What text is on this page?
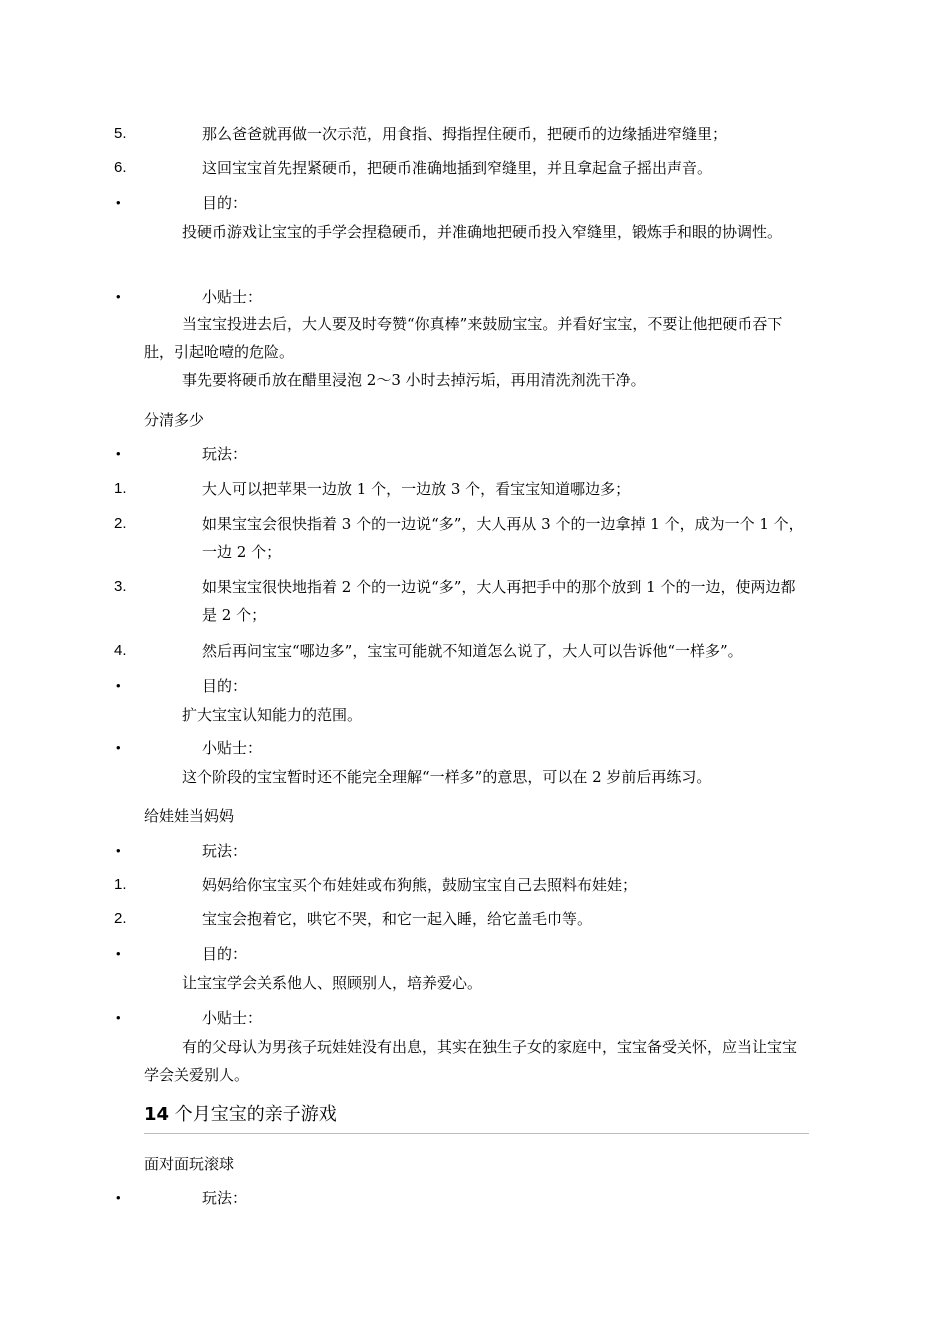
5.	那么爸爸就再做一次示范，用食指、拇指捏住硬币，把硬币的边缘插进窄缝里；
6.	这回宝宝首先捏紧硬币，把硬币准确地插到窄缝里，并且拿起盒子摇出声音。
•	目的：
投硬币游戏让宝宝的手学会捏稳硬币，并准确地把硬币投入窄缝里，锻炼手和眼的协调性。
•	小贴士：
当宝宝投进去后，大人要及时夸赞“你真棒”来鼓励宝宝。并看好宝宝，不要让他把硬币吞下肚，引起呛噎的危险。
事先要将硬币放在醋里浸泡 2～3 小时去掉污垢，再用清洗剂洗干净。
分清多少
•	玩法：
1.	大人可以把苹果一边放 1 个，一边放 3 个，看宝宝知道哪边多；
2.	如果宝宝会很快指着 3 个的一边说“多”，大人再从 3 个的一边拿掉 1 个，成为一个 1 个，一边 2 个；
3.	如果宝宝很快地指着 2 个的一边说“多”，大人再把手中的那个放到 1 个的一边，使两边都是 2 个；
4.	然后再问宝宝“哪边多”，宝宝可能就不知道怎么说了，大人可以告诉他“一样多”。
•	目的：
扩大宝宝认知能力的范围。
•	小贴士：
这个阶段的宝宝暂时还不能完全理解“一样多”的意思，可以在 2 岁前后再练习。
给娃娃当妈妈
•	玩法：
1.	妈妈给你宝宝买个布娃娃或布狗熊，鼓励宝宝自己去照料布娃娃；
2.	宝宝会抱着它，哄它不哭，和它一起入睡，给它盖毛巾等。
•	目的：
让宝宝学会关系他人、照顾别人，培养爱心。
•	小贴士：
有的父母认为男孩子玩娃娃没有出息，其实在独生子女的家庭中，宝宝备受关怀，应当让宝宝学会关爱别人。
14 个月宝宝的亲子游戏
面对面玩滚球
•	玩法：
